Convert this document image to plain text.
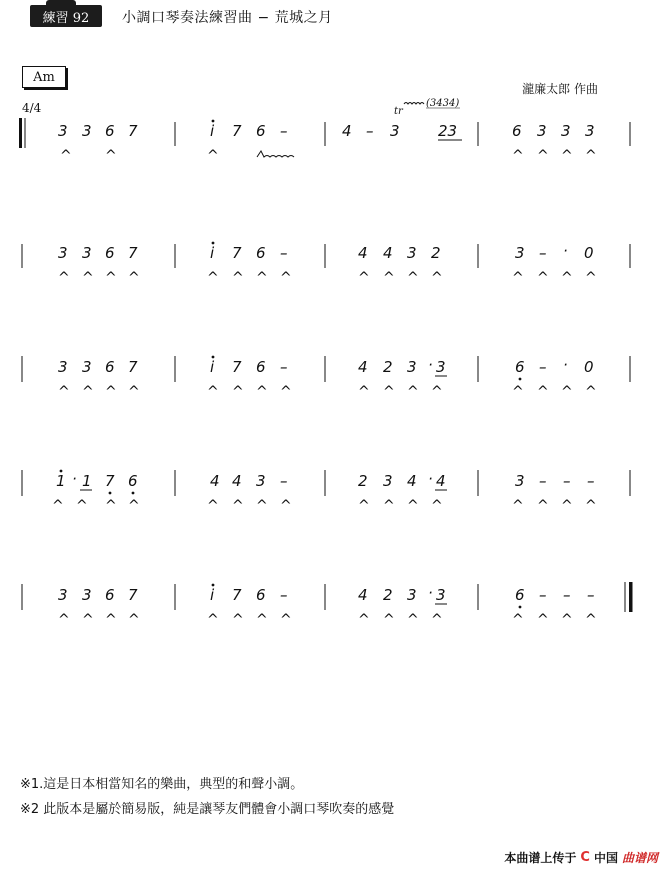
練習 92	小調口琴奏法練習曲 − 荒城之月
Am
瀧廉太郎 作曲
4/4
3 3 6 7
^ ^
i 7 6 –
^
tr
(3434)
4 – 3	23	6 3 3 3
^ ^ ^ ^
3 3 6 7	i 7 6 –	4 4 3 2	3 – · 0
^ ^ ^ ^	^ ^ ^ ^	^ ^ ^ ^	^ ^ ^ ^
3 3 6 7	i 7 6 –	4 2 3 · 3	6 – · 0
^ ^ ^ ^	^ ^ ^ ^	^ ^ ^ ^	^ ^ ^ ^
1 · 1 7 6	4 4 3 –	2 3 4 · 4	3 – – –
^ ^ ^ ^	^ ^ ^ ^	^ ^ ^ ^	^ ^ ^ ^
3 3 6 7	i 7 6 –	4 2 3 · 3	6 – – –
^ ^ ^ ^	^ ^ ^ ^	^ ^ ^ ^	^ ^ ^ ^
※1.這是日本相當知名的樂曲，典型的和聲小調。
※2 此版本是屬於簡易版，純是讓琴友們體會小調口琴吹奏的感覺
本曲谱上传于 C 中国 曲谱网
